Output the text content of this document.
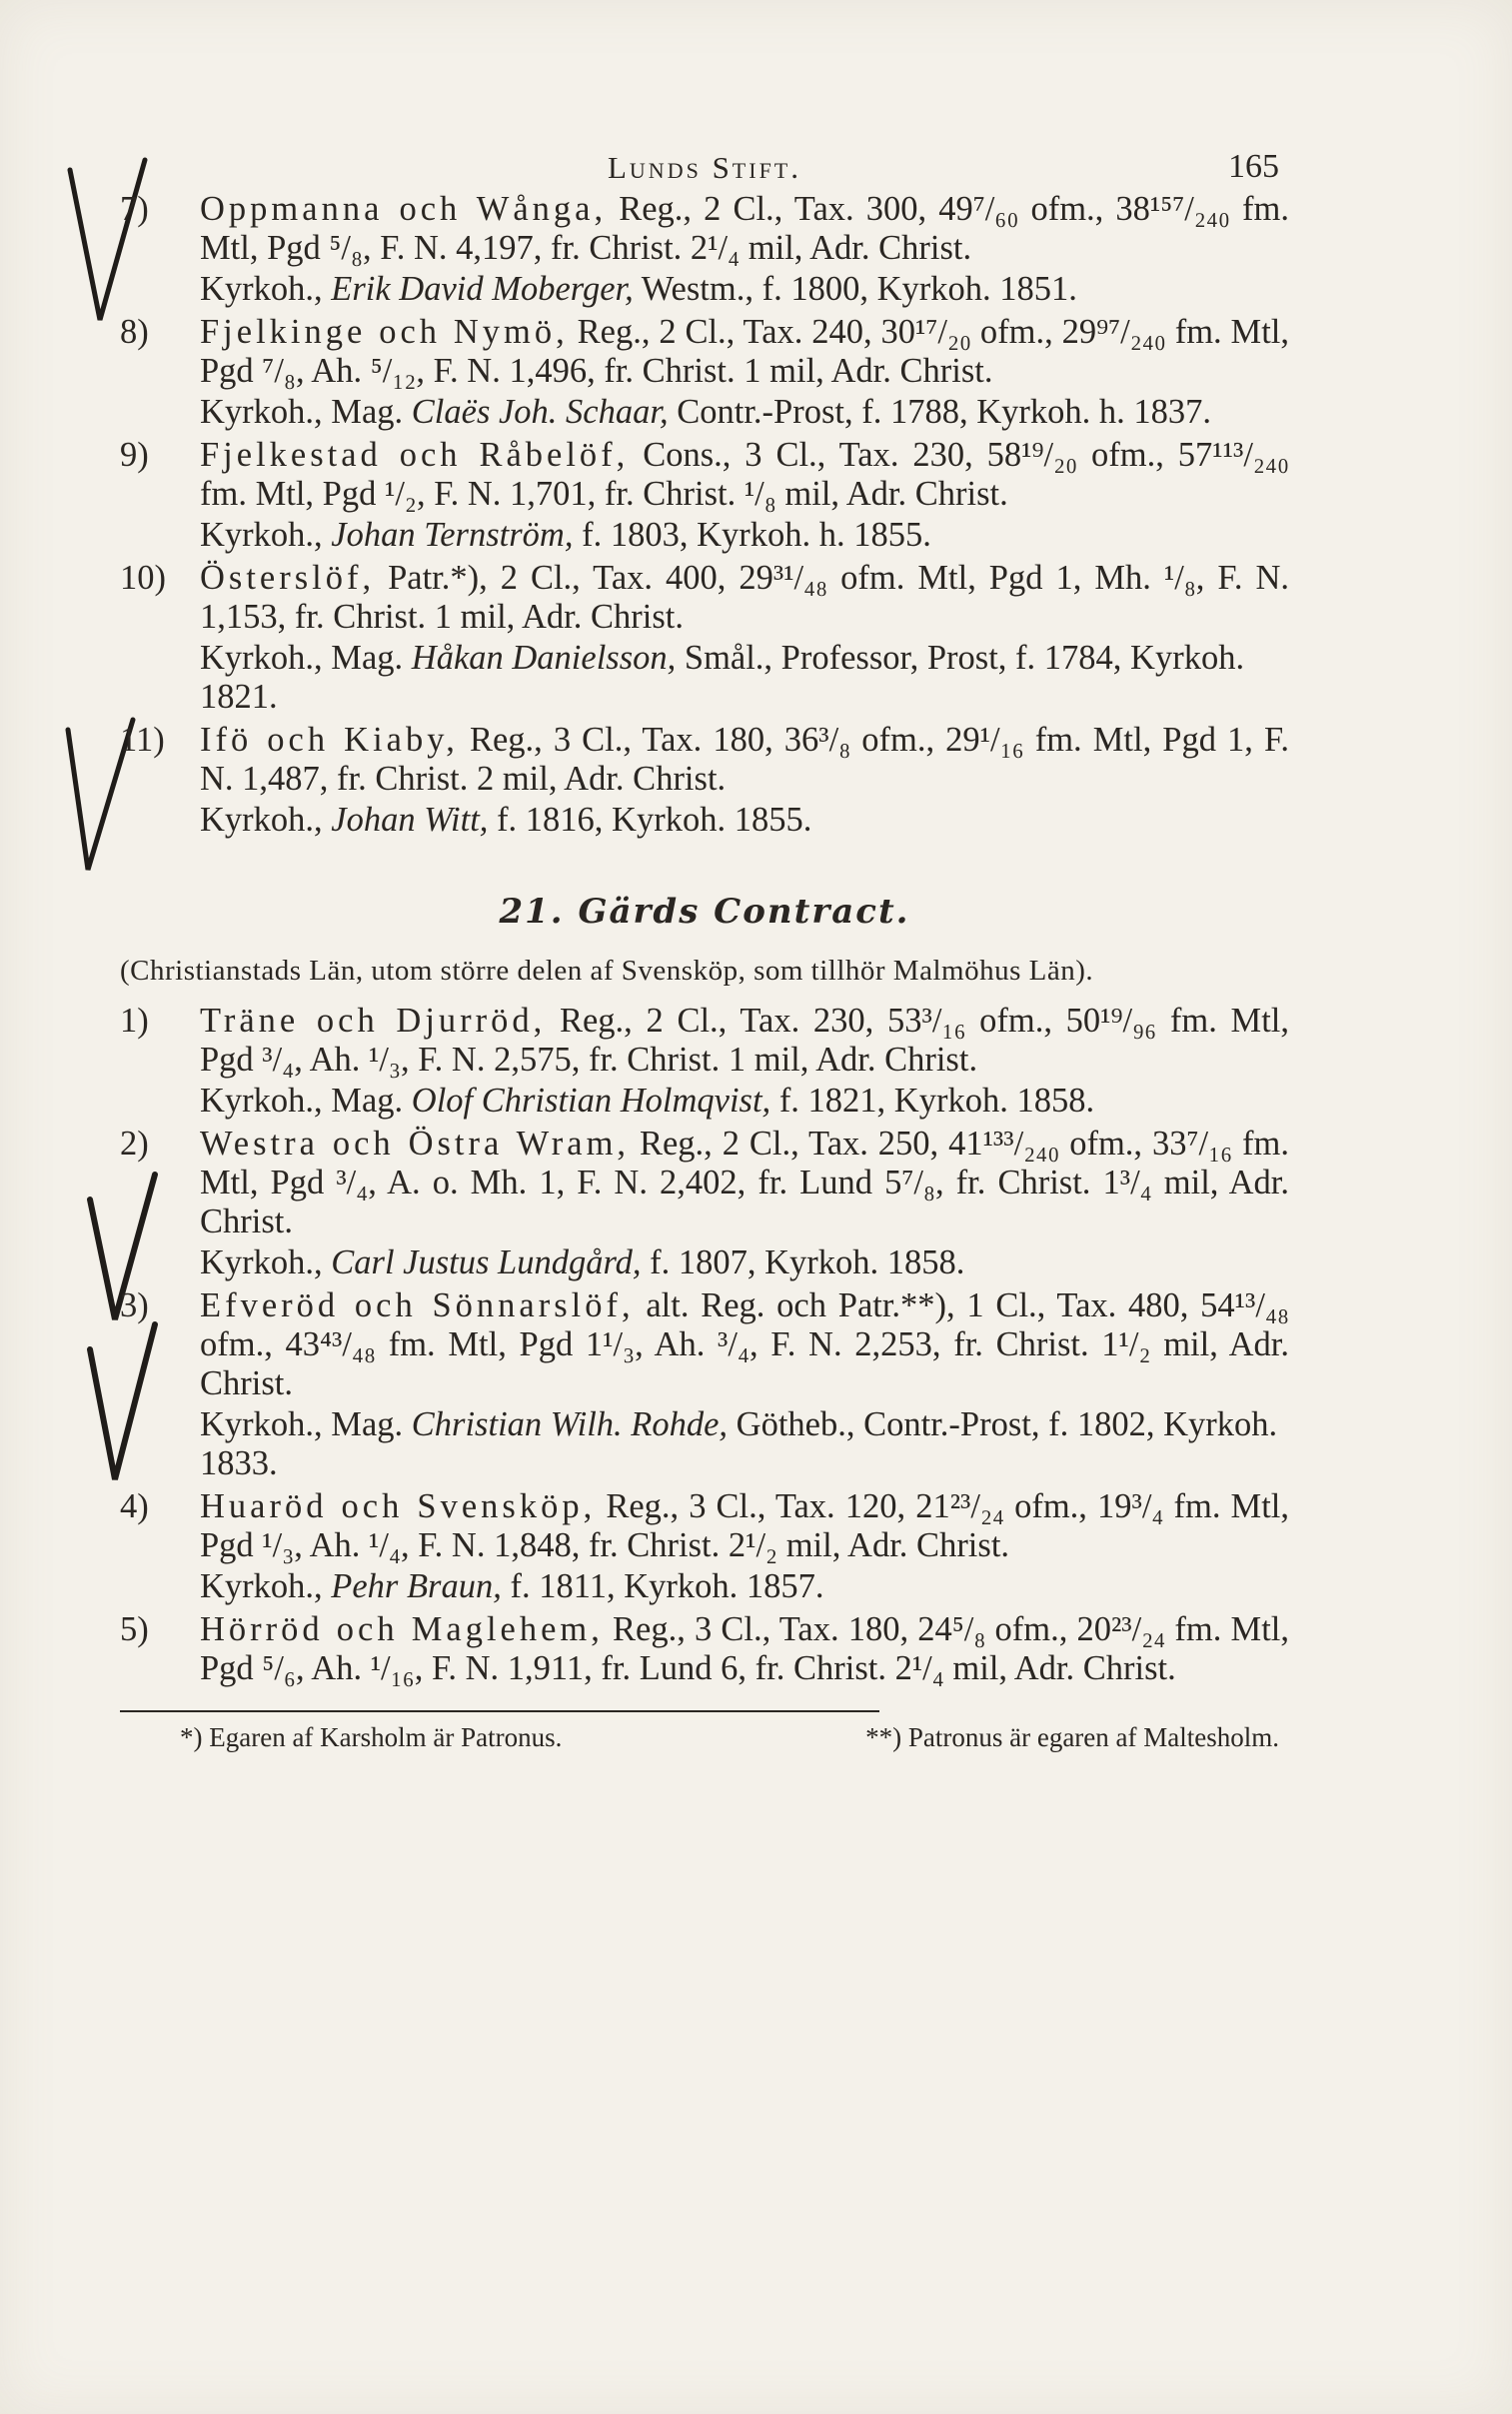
Lunds Stift.	165
7)	Oppmanna och Wånga, Reg., 2 Cl., Tax. 300, 49⁷/₆₀ ofm., 38¹⁵⁷/₂₄₀ fm. Mtl, Pgd ⁵/₈, F. N. 4,197, fr. Christ. 2¹/₄ mil, Adr. Christ.

Kyrkoh., Erik David Moberger, Westm., f. 1800, Kyrkoh. 1851.
8)	Fjelkinge och Nymö, Reg., 2 Cl., Tax. 240, 30¹⁷/₂₀ ofm., 29⁹⁷/₂₄₀ fm. Mtl, Pgd ⁷/₈, Ah. ⁵/₁₂, F. N. 1,496, fr. Christ. 1 mil, Adr. Christ.

Kyrkoh., Mag. Claës Joh. Schaar, Contr.-Prost, f. 1788, Kyrkoh. h. 1837.
9)	Fjelkestad och Råbelöf, Cons., 3 Cl., Tax. 230, 58¹⁹/₂₀ ofm., 57¹¹³/₂₄₀ fm. Mtl, Pgd ¹/₂, F. N. 1,701, fr. Christ. ¹/₈ mil, Adr. Christ.

Kyrkoh., Johan Ternström, f. 1803, Kyrkoh. h. 1855.
10) Österslöf, Patr.*), 2 Cl., Tax. 400, 29³¹/₄₈ ofm. Mtl, Pgd 1, Mh. ¹/₈, F. N. 1,153, fr. Christ. 1 mil, Adr. Christ.

Kyrkoh., Mag. Håkan Danielsson, Smål., Professor, Prost, f. 1784, Kyrkoh. 1821.
11)	Ifö och Kiaby, Reg., 3 Cl., Tax. 180, 36³/₈ ofm., 29¹/₁₆ fm. Mtl, Pgd 1, F. N. 1,487, fr. Christ. 2 mil, Adr. Christ.

Kyrkoh., Johan Witt, f. 1816, Kyrkoh. 1855.
21. Gärds Contract.
(Christianstads Län, utom större delen af Svensköp, som tillhör Malmöhus Län).
1)	Träne och Djurröd, Reg., 2 Cl., Tax. 230, 53³/₁₆ ofm., 50¹⁹/₉₆ fm. Mtl, Pgd ³/₄, Ah. ¹/₃, F. N. 2,575, fr. Christ. 1 mil, Adr. Christ.

Kyrkoh., Mag. Olof Christian Holmqvist, f. 1821, Kyrkoh. 1858.
2)	Westra och Östra Wram, Reg., 2 Cl., Tax. 250, 41¹³³/₂₄₀ ofm., 33⁷/₁₆ fm. Mtl, Pgd ³/₄, A. o. Mh. 1, F. N. 2,402, fr. Lund 5⁷/₈, fr. Christ. 1³/₄ mil, Adr. Christ.

Kyrkoh., Carl Justus Lundgård, f. 1807, Kyrkoh. 1858.
3)	Efveröd och Sönnarslöf, alt. Reg. och Patr.**), 1 Cl., Tax. 480, 54¹³/₄₈ ofm., 43⁴³/₄₈ fm. Mtl, Pgd 1¹/₃, Ah. ³/₄, F. N. 2,253, fr. Christ. 1¹/₂ mil, Adr. Christ.

Kyrkoh., Mag. Christian Wilh. Rohde, Götheb., Contr.-Prost, f. 1802, Kyrkoh. 1833.
4)	Huaröd och Svensköp, Reg., 3 Cl., Tax. 120, 21²³/₂₄ ofm., 19³/₄ fm. Mtl, Pgd ¹/₃, Ah. ¹/₄, F. N. 1,848, fr. Christ. 2¹/₂ mil, Adr. Christ.

Kyrkoh., Pehr Braun, f. 1811, Kyrkoh. 1857.
5)	Hörröd och Maglehem, Reg., 3 Cl., Tax. 180, 24⁵/₈ ofm., 20²³/₂₄ fm. Mtl, Pgd ⁵/₆, Ah. ¹/₁₆, F. N. 1,911, fr. Lund 6, fr. Christ. 2¹/₄ mil, Adr. Christ.

*) Egaren af Karsholm är Patronus.	**) Patronus är egaren af Maltesholm.
